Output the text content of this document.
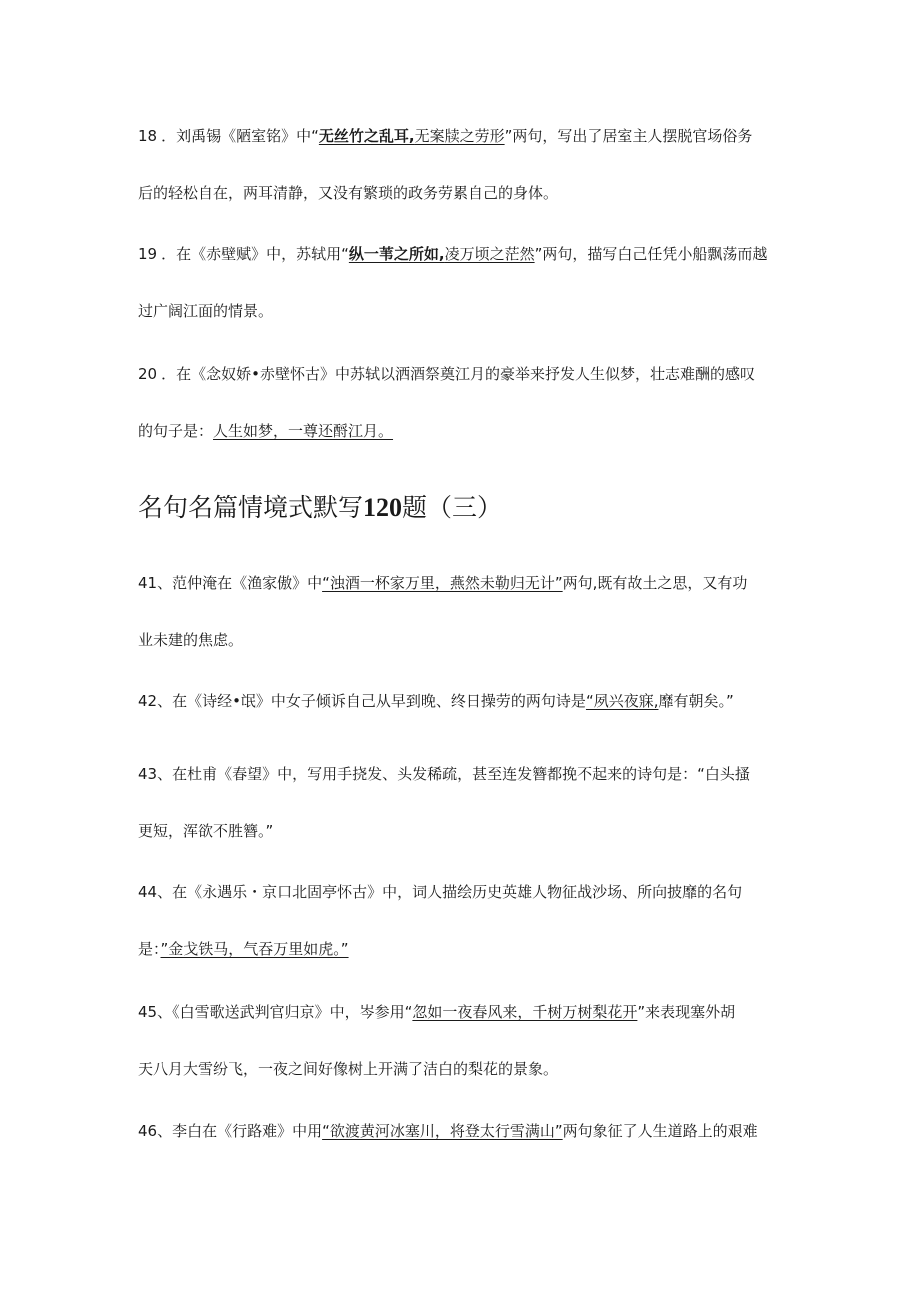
18 ．刘禹锡《陋室铭》中“无丝竹之乱耳,无案牍之劳形”两句，写出了居室主人摆脱官场俗务
后的轻松自在，两耳清静，又没有繁琐的政务劳累自己的身体。
19 ．在《赤壁赋》中，苏轼用“纵一苇之所如,凌万顷之茫然”两句，描写白己任凭小船飘荡而越
过广阔江面的情景。
20 ．在《念奴娇•赤壁怀古》中苏轼以洒酒祭奠江月的豪举来抒发人生似梦，壮志难酬的感叹
的句子是：人生如梦，一尊还酹江月。
名句名篇情境式默写120题（三）
41、范仲淹在《渔家傲》中“浊酒一杯家万里，燕然未勒归无计”两句,既有故土之思，又有功
业未建的焦虑。
42、在《诗经•氓》中女子倾诉自己从早到晚、终日操劳的两句诗是“夙兴夜寐,靡有朝矣。”
43、在杜甫《春望》中，写用手挠发、头发稀疏，甚至连发簪都挽不起来的诗句是：“白头搔
更短，浑欲不胜簪。”
44、在《永遇乐・京口北固亭怀古》中，词人描绘历史英雄人物征战沙场、所向披靡的名句
是：”金戈铁马，气吞万里如虎。”
45、《白雪歌送武判官归京》中，岑参用“忽如一夜春风来，千树万树梨花开”来表现塞外胡
天八月大雪纷飞，一夜之间好像树上开满了洁白的梨花的景象。
46、李白在《行路难》中用“欲渡黄河冰塞川，将登太行雪满山”两句象征了人生道路上的艰难
